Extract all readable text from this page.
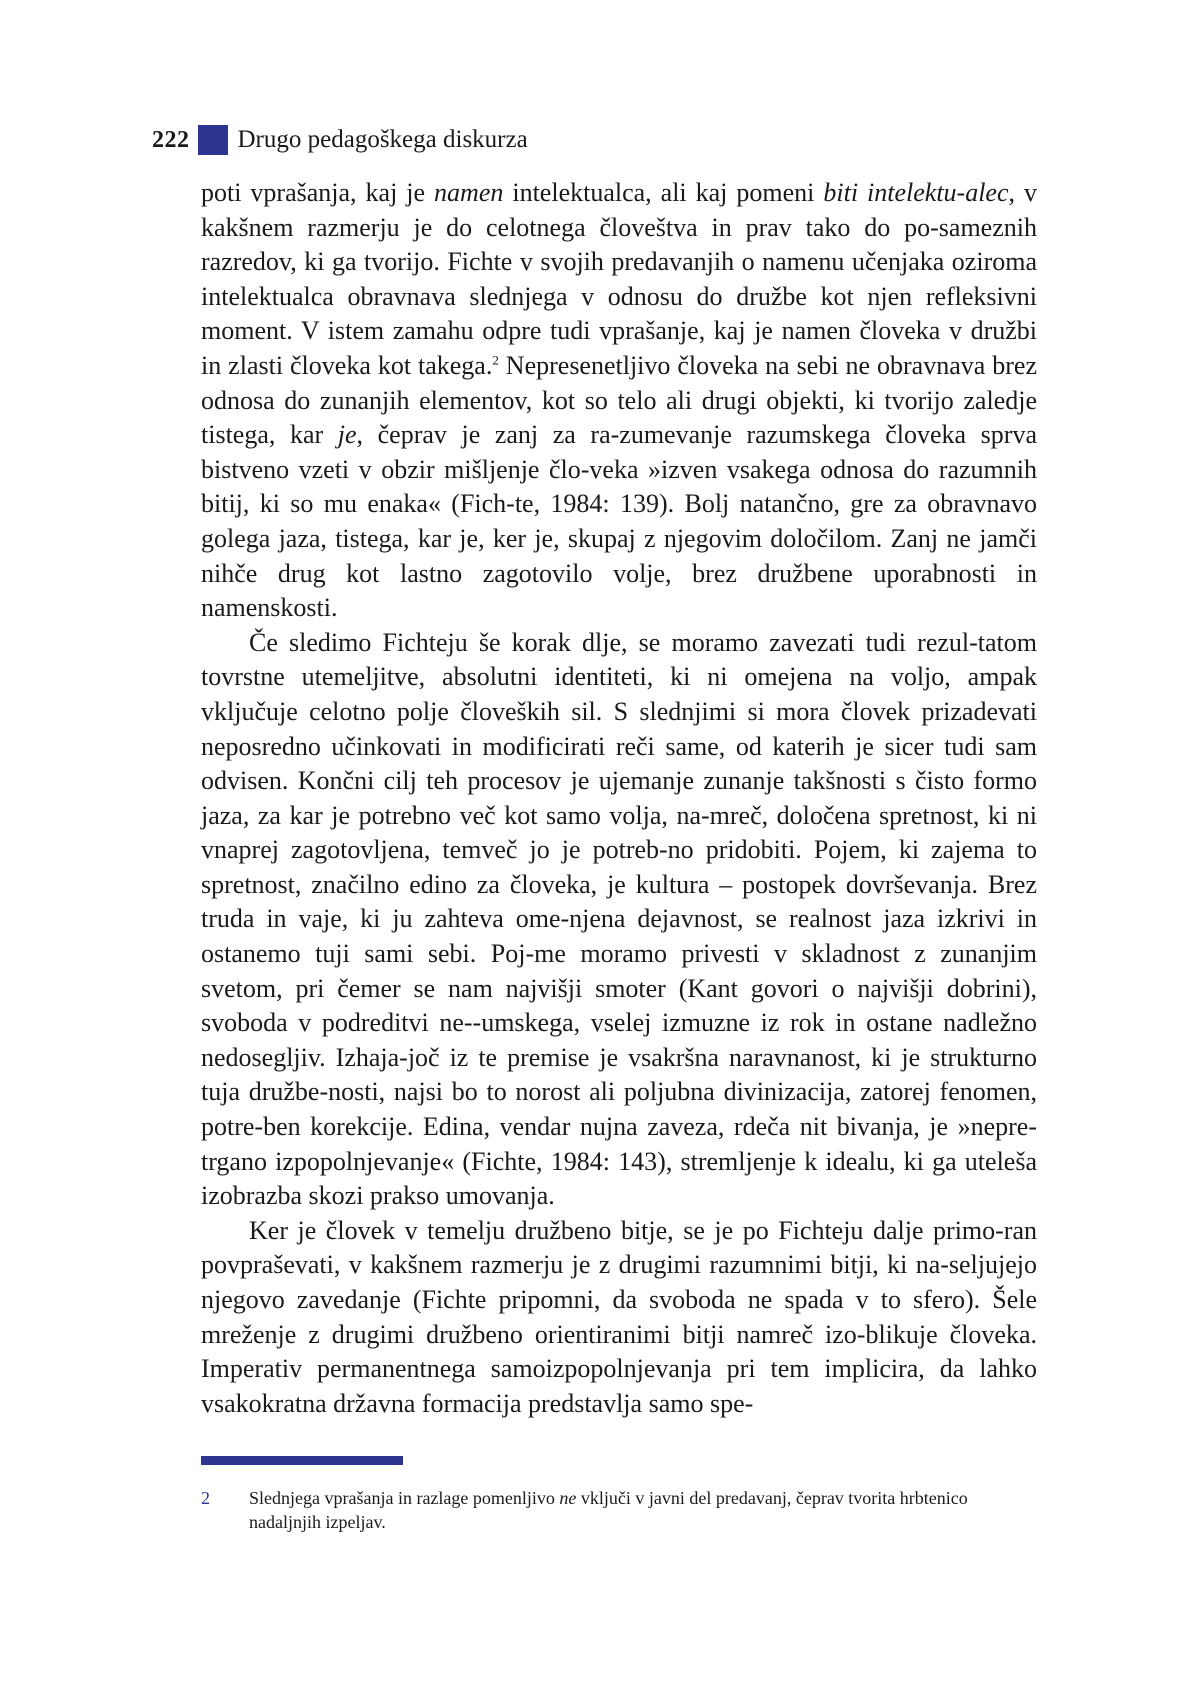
222 Drugo pedagoškega diskurza

poti vprašanja, kaj je namen intelektualca, ali kaj pomeni biti intelektu-alec, v kakšnem razmerju je do celotnega človeštva in prav tako do po-sameznih razredov, ki ga tvorijo. Fichte v svojih predavanjih o namenu učenjaka oziroma intelektualca obravnava slednjega v odnosu do družbe kot njen refleksivni moment. V istem zamahu odpre tudi vprašanje, kaj je namen človeka v družbi in zlasti človeka kot takega.$^2$ Nepresenetljivo človeka na sebi ne obravnava brez odnosa do zunanjih elementov, kot so telo ali drugi objekti, ki tvorijo zaledje tistega, kar je, čeprav je zanj za ra-zumevanje razumskega človeka sprva bistveno vzeti v obzir mišljenje člo-veka »izven vsakega odnosa do razumnih bitij, ki so mu enaka« (Fich-te, 1984: 139). Bolj natančno, gre za obravnavo golega jaza, tistega, kar je, ker je, skupaj z njegovim določilom. Zanj ne jamči nihče drug kot lastno zagotovilo volje, brez družbene uporabnosti in namenskosti.

Če sledimo Fichteju še korak dlje, se moramo zavezati tudi rezul-tatom tovrstne utemeljitve, absolutni identiteti, ki ni omejena na voljo, ampak vključuje celotno polje človeških sil. S slednjimi si mora človek prizadevati neposredno učinkovati in modificirati reči same, od katerih je sicer tudi sam odvisen. Končni cilj teh procesov je ujemanje zunanje takšnosti s čisto formo jaza, za kar je potrebno več kot samo volja, na-mreč, določena spretnost, ki ni vnaprej zagotovljena, temveč jo je potreb-no pridobiti. Pojem, ki zajema to spretnost, značilno edino za človeka, je kultura – postopek dovrševanja. Brez truda in vaje, ki ju zahteva ome-njena dejavnost, se realnost jaza izkrivi in ostanemo tuji sami sebi. Poj-me moramo privesti v skladnost z zunanjim svetom, pri čemer se nam najvišji smoter (Kant govori o najvišji dobrini), svoboda v podreditvi ne--umskega, vselej izmuzne iz rok in ostane nadležno nedosegljiv. Izhaja-joč iz te premise je vsakršna naravnanost, ki je strukturno tuja družbe-nosti, najsi bo to norost ali poljubna divinizacija, zatorej fenomen, potre-ben korekcije. Edina, vendar nujna zaveza, rdeča nit bivanja, je »nepre-trgano izpopolnjevanje« (Fichte, 1984: 143), stremljenje k idealu, ki ga uteleša izobrazba skozi prakso umovanja.

Ker je človek v temelju družbeno bitje, se je po Fichteju dalje primo-ran povpraševati, v kakšnem razmerju je z drugimi razumnimi bitji, ki na-seljujejo njegovo zavedanje (Fichte pripomni, da svoboda ne spada v to sfero). Šele mreženje z drugimi družbeno orientiranimi bitji namreč izo-blikuje človeka. Imperativ permanentnega samoizpopolnjevanja pri tem implicira, da lahko vsakokratna državna formacija predstavlja samo spe-

2	Slednjega vprašanja in razlage pomenljivo ne vključi v javni del predavanj, čeprav tvorita hrbtenico nadaljnjih izpeljav.
